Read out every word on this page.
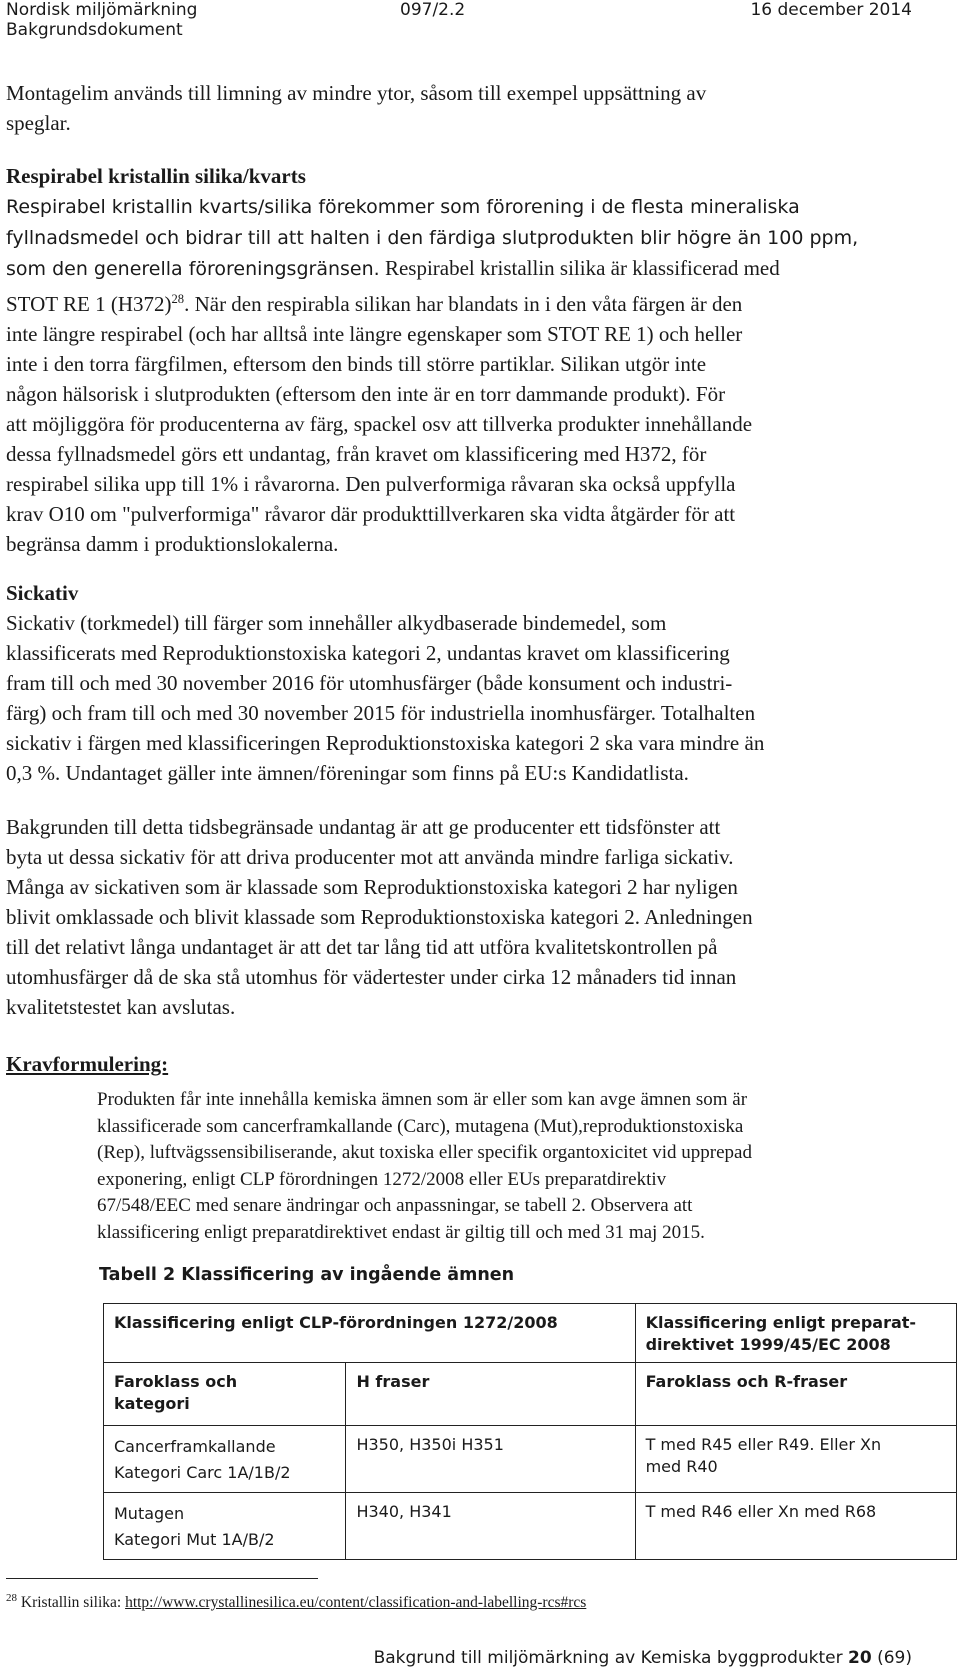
Nordisk miljömärkning
Bakgrundsdokument
097/2.2	16 december 2014

Montagelim används till limning av mindre ytor, såsom till exempel uppsättning av
speglar.

Respirabel kristallin silika/kvarts

Respirabel kristallin kvarts/silika förekommer som förorening i de flesta mineraliska
fyllnadsmedel och bidrar till att halten i den färdiga slutprodukten blir högre än 100 ppm,
som den generella föroreningsgränsen. Respirabel kristallin silika är klassificerad med
STOT RE 1 $(H372)^{28}$. När den respirabla silikan har blandats in i den våta färgen är den
inte längre respirabel (och har alltså inte längre egenskaper som STOT RE 1) och heller
inte i den torra färgfilmen, eftersom den binds till större partiklar. Silikan utgör inte
någon hälsorisk i slutprodukten (eftersom den inte är en torr dammande produkt). För
att möjliggöra för producenterna av färg, spackel osv att tillverka produkter innehållande
dessa fyllnadsmedel görs ett undantag, från kravet om klassificering med H372, för
respirabel silika upp till 1% i råvarorna. Den pulverformiga råvaran ska också uppfylla
krav O10 om "pulverformiga" råvaror där produkttillverkaren ska vidta åtgärder för att
begränsa damm i produktionslokalerna.

Sickativ

Sickativ (torkmedel) till färger som innehåller alkydbaserade bindemedel, som
klassificerats med Reproduktionstoxiska kategori 2, undantas kravet om klassificering
fram till och med 30 november 2016 för utomhusfärger (både konsument och industri-
färg) och fram till och med 30 november 2015 för industriella inomhusfärger. Totalhalten
sickativ i färgen med klassificeringen Reproduktionstoxiska kategori 2 ska vara mindre än
0,3 %. Undantaget gäller inte ämnen/föreningar som finns på EU:s Kandidatlista.

Bakgrunden till detta tidsbegränsade undantag är att ge producenter ett tidsfönster att
byta ut dessa sickativ för att driva producenter mot att använda mindre farliga sickativ.
Många av sickativen som är klassade som Reproduktionstoxiska kategori 2 har nyligen
blivit omklassade och blivit klassade som Reproduktionstoxiska kategori 2. Anledningen
till det relativt långa undantaget är att det tar lång tid att utföra kvalitetskontrollen på
utomhusfärger då de ska stå utomhus för vädertester under cirka 12 månaders tid innan
kvalitetstestet kan avslutas.

Kravformulering:

Produkten får inte innehålla kemiska ämnen som är eller som kan avge ämnen som är
klassificerade som cancerframkallande (Carc), mutagena (Mut),reproduktionstoxiska
(Rep), luftvägssensibiliserande, akut toxiska eller specifik organtoxicitet vid upprepad
exponering, enligt CLP förordningen 1272/2008 eller EUs preparatdirektiv
67/548/EEC med senare ändringar och anpassningar, se tabell 2. Observera att
klassificering enligt preparatdirektivet endast är giltig till och med 31 maj 2015.

Tabell 2 Klassificering av ingående ämnen

Klassificering enligt CLP-förordningen 1272/2008		Klassificering enligt preparat-
direktivet 1999/45/EC 2008

Faroklass och
kategori	H fraser	Faroklass och R-fraser

Cancerframkallande
Kategori Carc 1A/1B/2	H350, H350i H351	T med R45 eller R49. Eller Xn
med R40

Mutagen
Kategori Mut 1A/B/2	H340, H341	T med R46 eller Xn med R68

$^{28}$ Kristallin silika: http://www.crystallinesilica.eu/content/classification-and-labelling-rcs#rcs

Bakgrund till miljömärkning av Kemiska byggprodukter 20 (69)
